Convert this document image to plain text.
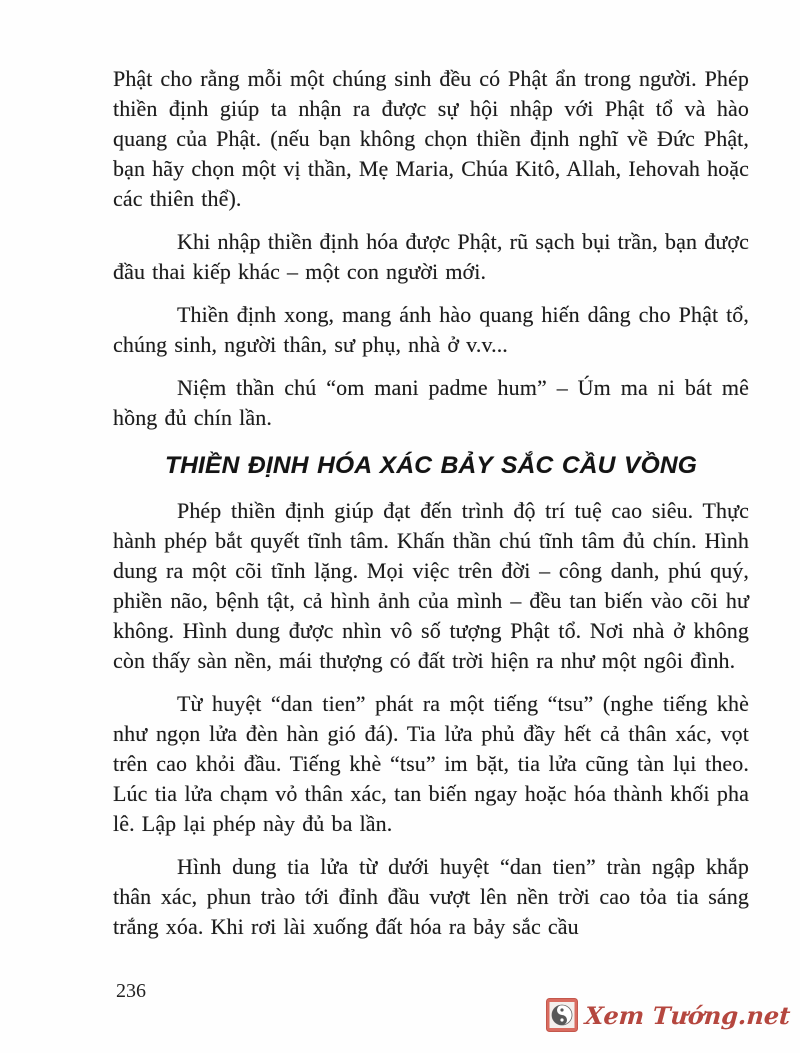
Phật cho rằng mỗi một chúng sinh đều có Phật ẩn trong người. Phép thiền định giúp ta nhận ra được sự hội nhập với Phật tổ và hào quang của Phật. (nếu bạn không chọn thiền định nghĩ về Đức Phật, bạn hãy chọn một vị thần, Mẹ Maria, Chúa Kitô, Allah, Iehovah hoặc các thiên thể).

Khi nhập thiền định hóa được Phật, rũ sạch bụi trần, bạn được đầu thai kiếp khác – một con người mới.

Thiền định xong, mang ánh hào quang hiến dâng cho Phật tổ, chúng sinh, người thân, sư phụ, nhà ở v.v...

Niệm thần chú “om mani padme hum” – Úm ma ni bát mê hồng đủ chín lần.

THIỀN ĐỊNH HÓA XÁC BẢY SẮC CẦU VỒNG

Phép thiền định giúp đạt đến trình độ trí tuệ cao siêu. Thực hành phép bắt quyết tĩnh tâm. Khấn thần chú tĩnh tâm đủ chín. Hình dung ra một cõi tĩnh lặng. Mọi việc trên đời – công danh, phú quý, phiền não, bệnh tật, cả hình ảnh của mình – đều tan biến vào cõi hư không. Hình dung được nhìn vô số tượng Phật tổ. Nơi nhà ở không còn thấy sàn nền, mái thượng có đất trời hiện ra như một ngôi đình.

Từ huyệt “dan tien” phát ra một tiếng “tsu” (nghe tiếng khè như ngọn lửa đèn hàn gió đá). Tia lửa phủ đầy hết cả thân xác, vọt trên cao khỏi đầu. Tiếng khè “tsu” im bặt, tia lửa cũng tàn lụi theo. Lúc tia lửa chạm vỏ thân xác, tan biến ngay hoặc hóa thành khối pha lê. Lập lại phép này đủ ba lần.

Hình dung tia lửa từ dưới huyệt “dan tien” tràn ngập khắp thân xác, phun trào tới đỉnh đầu vượt lên nền trời cao tỏa tia sáng trắng xóa. Khi rơi lài xuống đất hóa ra bảy sắc cầu

236
Xem Tướng.net
